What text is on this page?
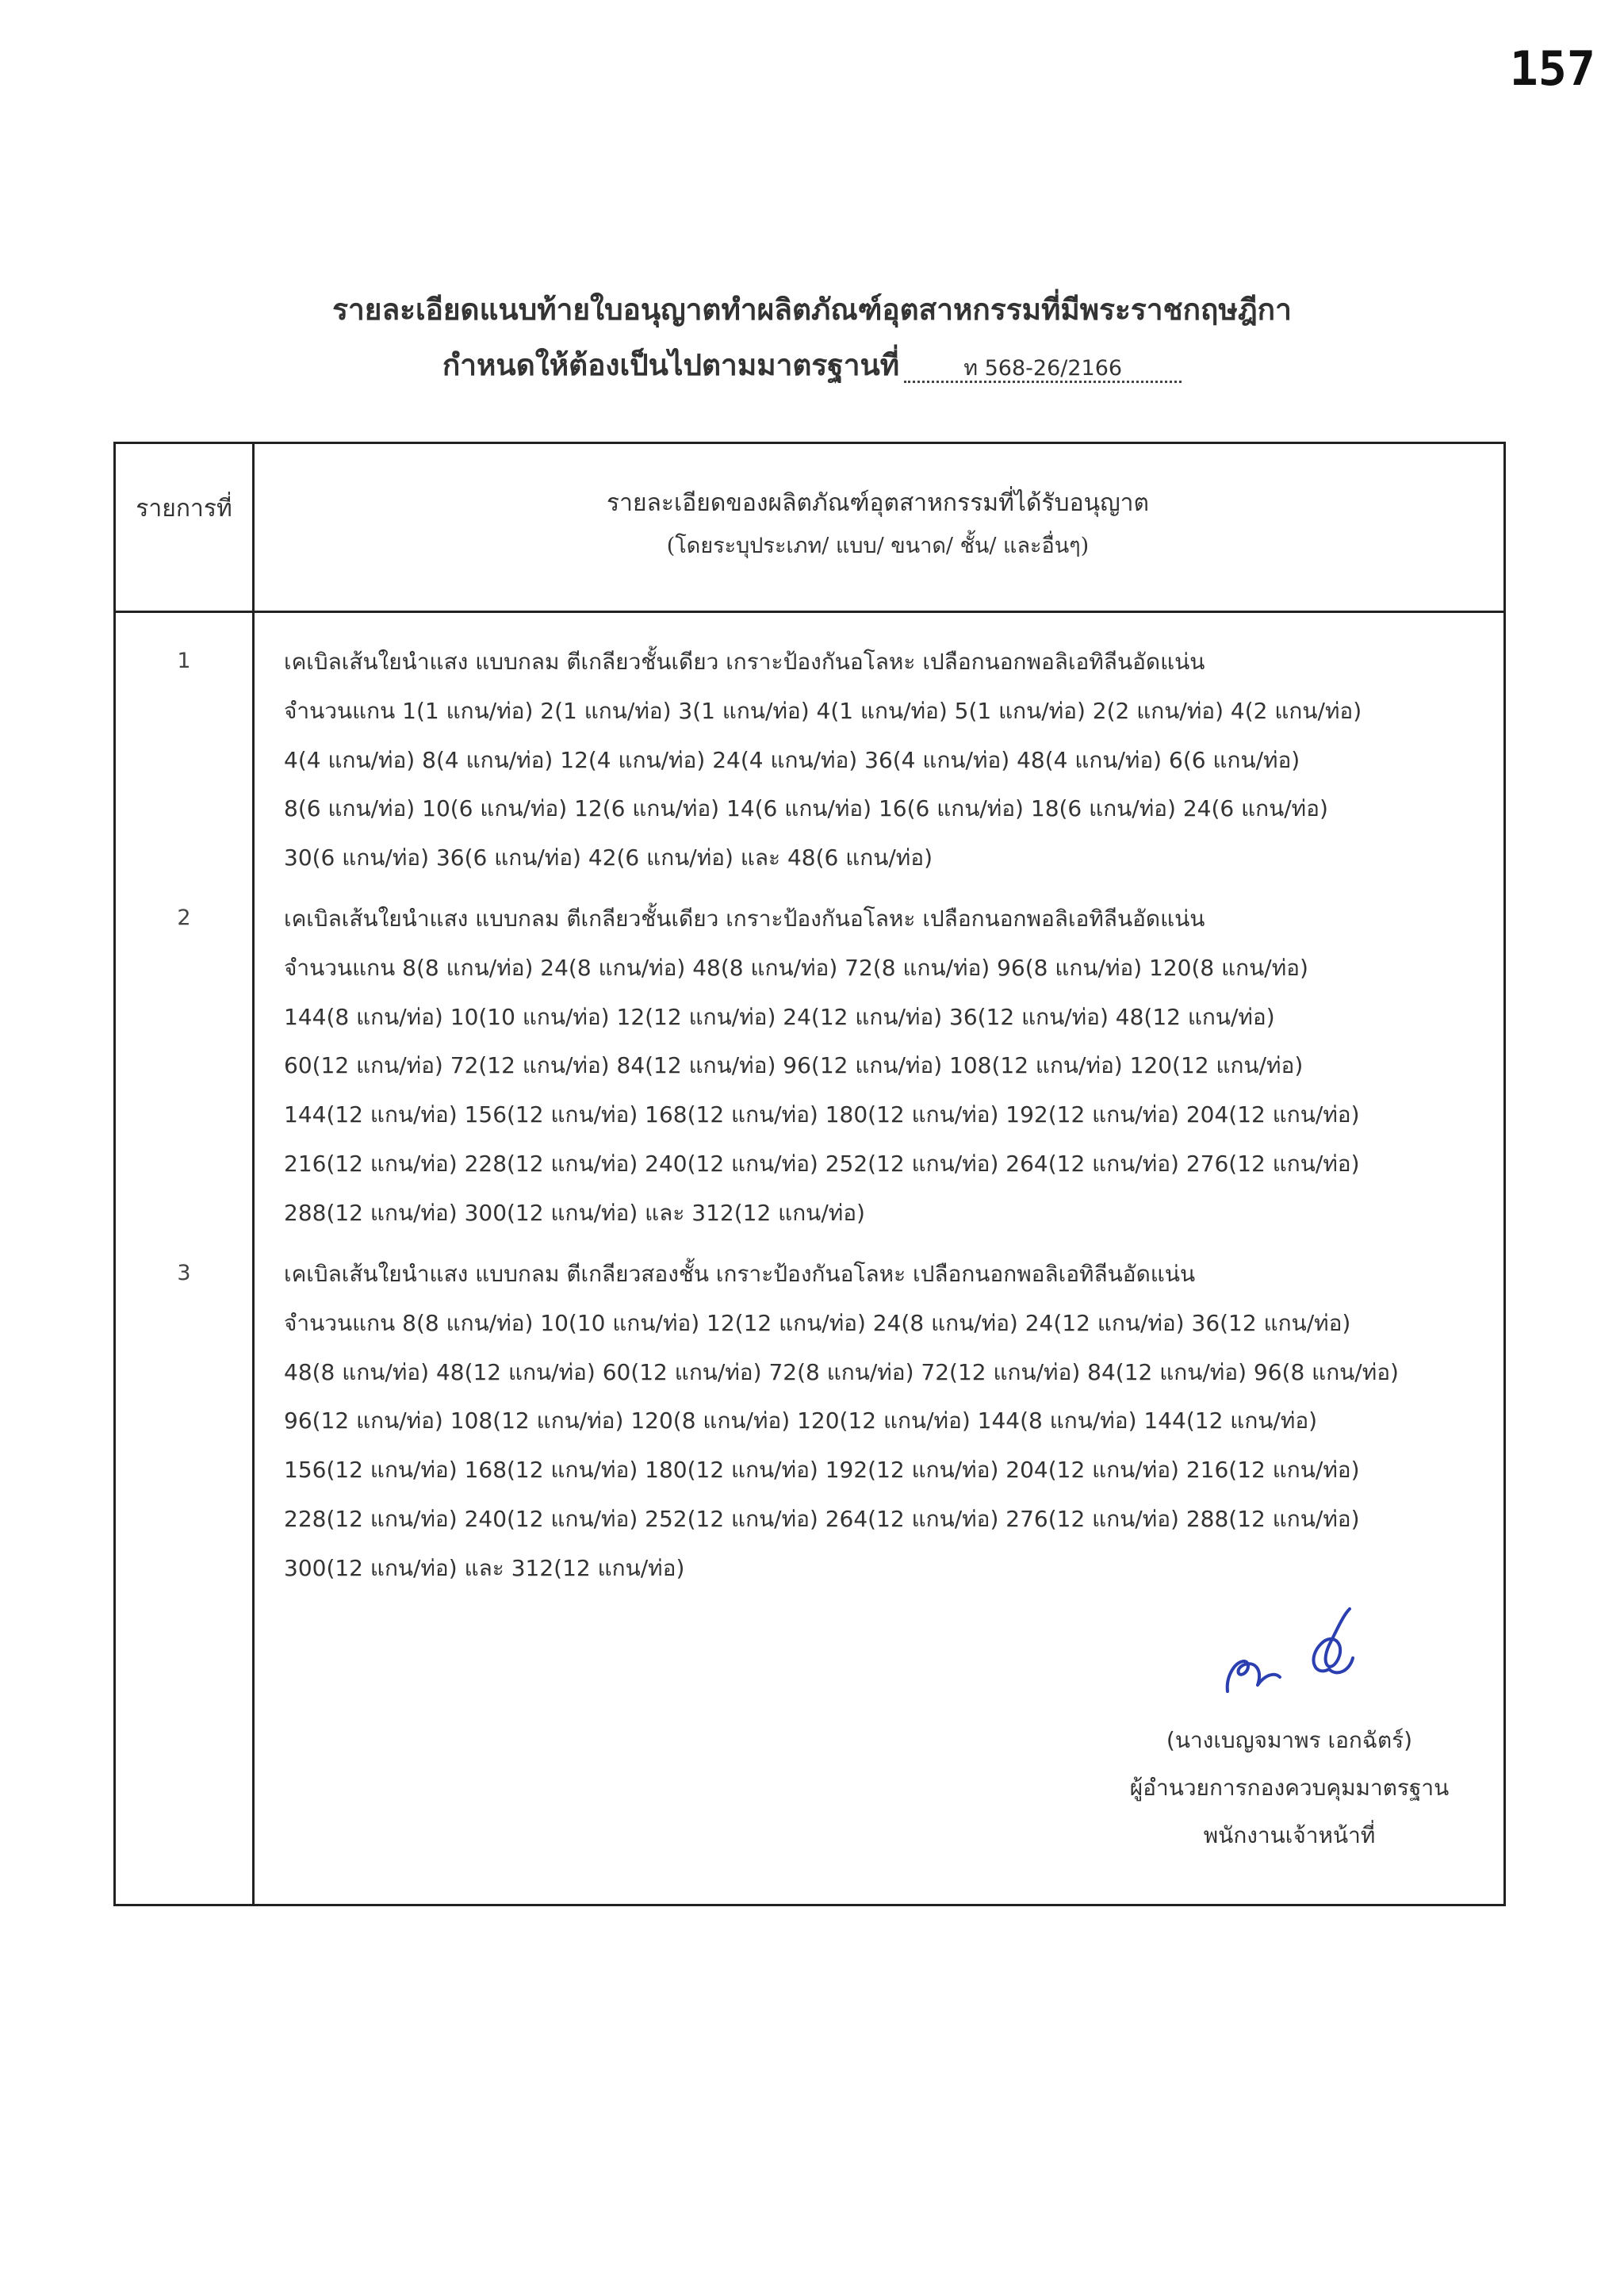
157
รายละเอียดแนบท้ายใบอนุญาตทำผลิตภัณฑ์อุตสาหกรรมที่มีพระราชกฤษฎีกา
กำหนดให้ต้องเป็นไปตามมาตรฐานที่	ท 568-26/2166
รายการที่	รายละเอียดของผลิตภัณฑ์อุตสาหกรรมที่ได้รับอนุญาต
(โดยระบุประเภท/ แบบ/ ขนาด/ ชั้น/ และอื่นๆ)
1	เคเบิลเส้นใยนำแสง แบบกลม ตีเกลียวชั้นเดียว เกราะป้องกันอโลหะ เปลือกนอกพอลิเอทิลีนอัดแน่น
จำนวนแกน 1(1 แกน/ท่อ) 2(1 แกน/ท่อ) 3(1 แกน/ท่อ) 4(1 แกน/ท่อ) 5(1 แกน/ท่อ) 2(2 แกน/ท่อ) 4(2 แกน/ท่อ)
4(4 แกน/ท่อ) 8(4 แกน/ท่อ) 12(4 แกน/ท่อ) 24(4 แกน/ท่อ) 36(4 แกน/ท่อ) 48(4 แกน/ท่อ) 6(6 แกน/ท่อ)
8(6 แกน/ท่อ) 10(6 แกน/ท่อ) 12(6 แกน/ท่อ) 14(6 แกน/ท่อ) 16(6 แกน/ท่อ) 18(6 แกน/ท่อ) 24(6 แกน/ท่อ)
30(6 แกน/ท่อ) 36(6 แกน/ท่อ) 42(6 แกน/ท่อ) และ 48(6 แกน/ท่อ)
2	เคเบิลเส้นใยนำแสง แบบกลม ตีเกลียวชั้นเดียว เกราะป้องกันอโลหะ เปลือกนอกพอลิเอทิลีนอัดแน่น
จำนวนแกน 8(8 แกน/ท่อ) 24(8 แกน/ท่อ) 48(8 แกน/ท่อ) 72(8 แกน/ท่อ) 96(8 แกน/ท่อ) 120(8 แกน/ท่อ)
144(8 แกน/ท่อ) 10(10 แกน/ท่อ) 12(12 แกน/ท่อ) 24(12 แกน/ท่อ) 36(12 แกน/ท่อ) 48(12 แกน/ท่อ)
60(12 แกน/ท่อ) 72(12 แกน/ท่อ) 84(12 แกน/ท่อ) 96(12 แกน/ท่อ) 108(12 แกน/ท่อ) 120(12 แกน/ท่อ)
144(12 แกน/ท่อ) 156(12 แกน/ท่อ) 168(12 แกน/ท่อ) 180(12 แกน/ท่อ) 192(12 แกน/ท่อ) 204(12 แกน/ท่อ)
216(12 แกน/ท่อ) 228(12 แกน/ท่อ) 240(12 แกน/ท่อ) 252(12 แกน/ท่อ) 264(12 แกน/ท่อ) 276(12 แกน/ท่อ)
288(12 แกน/ท่อ) 300(12 แกน/ท่อ) และ 312(12 แกน/ท่อ)
3	เคเบิลเส้นใยนำแสง แบบกลม ตีเกลียวสองชั้น เกราะป้องกันอโลหะ เปลือกนอกพอลิเอทิลีนอัดแน่น
จำนวนแกน 8(8 แกน/ท่อ) 10(10 แกน/ท่อ) 12(12 แกน/ท่อ) 24(8 แกน/ท่อ) 24(12 แกน/ท่อ) 36(12 แกน/ท่อ)
48(8 แกน/ท่อ) 48(12 แกน/ท่อ) 60(12 แกน/ท่อ) 72(8 แกน/ท่อ) 72(12 แกน/ท่อ) 84(12 แกน/ท่อ) 96(8 แกน/ท่อ)
96(12 แกน/ท่อ) 108(12 แกน/ท่อ) 120(8 แกน/ท่อ) 120(12 แกน/ท่อ) 144(8 แกน/ท่อ) 144(12 แกน/ท่อ)
156(12 แกน/ท่อ) 168(12 แกน/ท่อ) 180(12 แกน/ท่อ) 192(12 แกน/ท่อ) 204(12 แกน/ท่อ) 216(12 แกน/ท่อ)
228(12 แกน/ท่อ) 240(12 แกน/ท่อ) 252(12 แกน/ท่อ) 264(12 แกน/ท่อ) 276(12 แกน/ท่อ) 288(12 แกน/ท่อ)
300(12 แกน/ท่อ) และ 312(12 แกน/ท่อ)
(นางเบญจมาพร เอกฉัตร์)
ผู้อำนวยการกองควบคุมมาตรฐาน
พนักงานเจ้าหน้าที่
